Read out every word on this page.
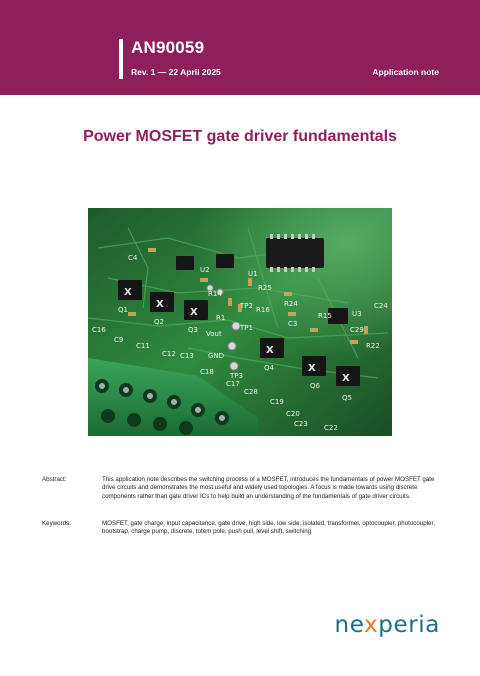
AN90059
Rev. 1 — 22 April 2025	Application note
Power MOSFET gate driver fundamentals
X
X
X
X
X
X
C4
Q1
Q2
Q3
Q4
Q5
Q6
C9
C11
C12 C13
C16
C17
C18
C19
C20
C22
C23
TP1
TP2
TP3
GND
Vout
R1
R14
R15
R16
R22
C28
C29
U1
U2
U3
R25
R24
C3
C24
Abstract:	This application note describes the switching process of a MOSFET, introduces the fundamentals of power MOSFET gate drive circuits and demonstrates the most useful and widely used topologies. A focus is made towards using discrete components rather than gate driver ICs to help build an understanding of the fundamentals of gate driver circuits.
Keywords:	MOSFET, gate charge, input capacitance, gate drive, high side, low side, isolated, transformer, optocoupler, photocoupler, bootstrap, charge pump, discrete, totem pole, push pull, level shift, switching
nexperia
